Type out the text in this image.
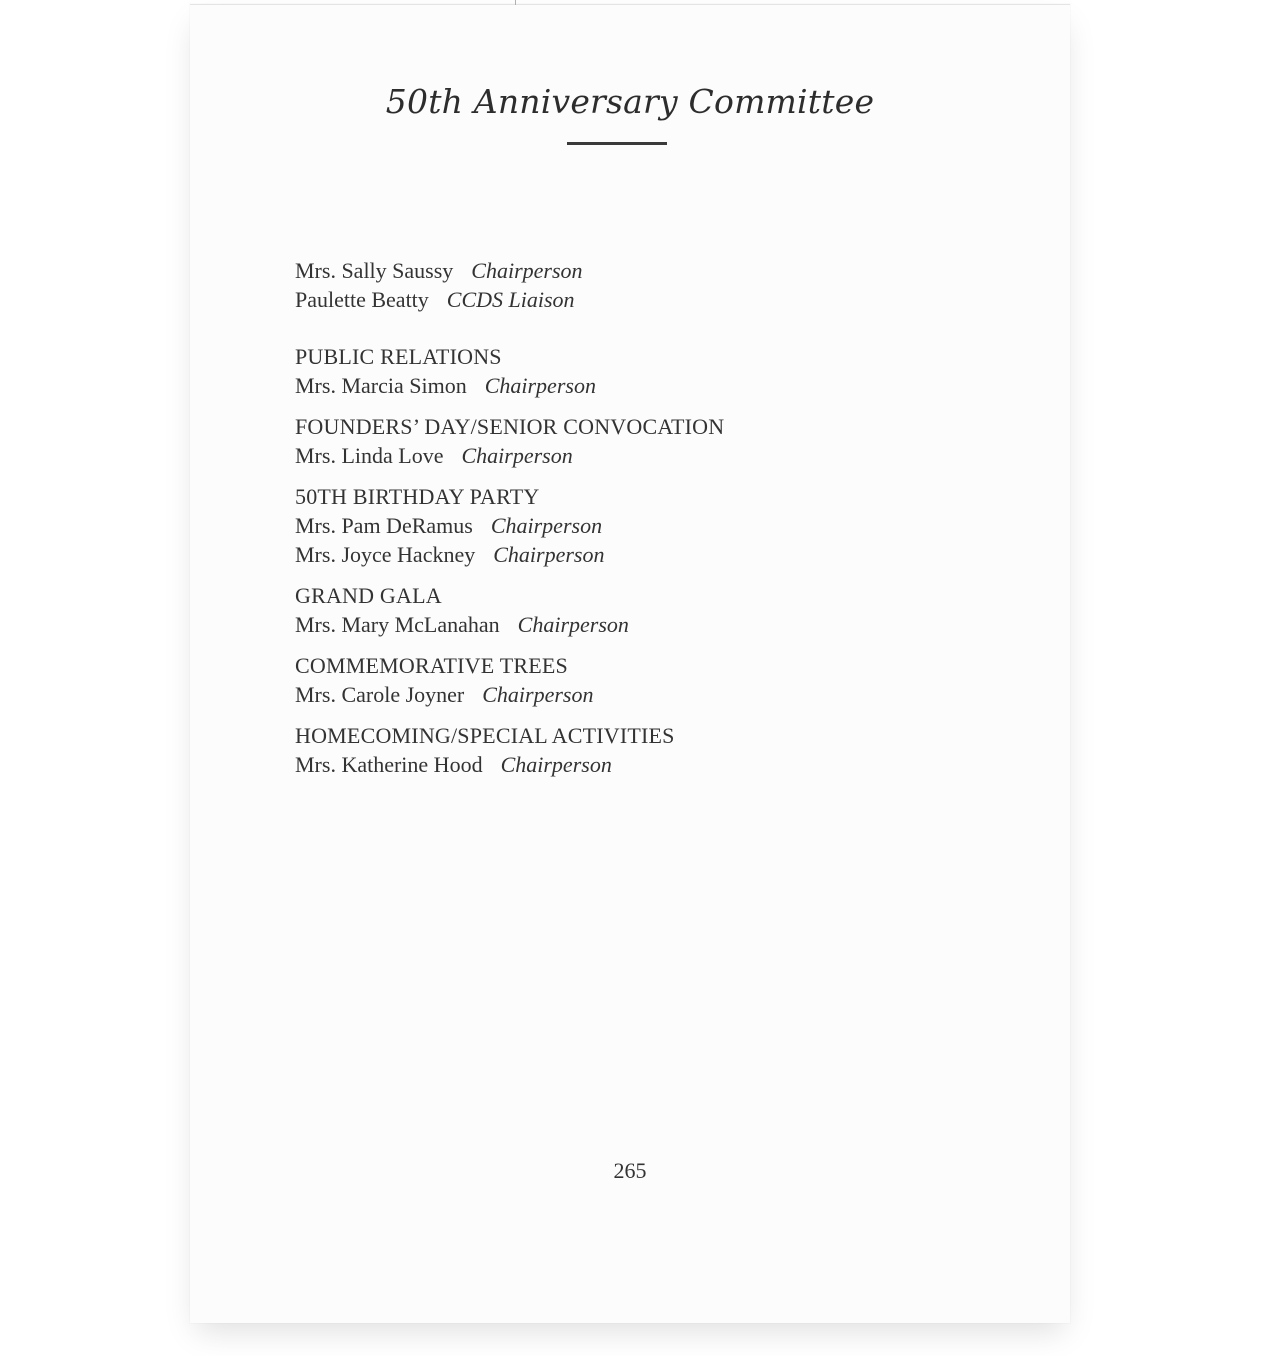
50th Anniversary Committee
Mrs. Sally Saussy Chairperson
Paulette Beatty CCDS Liaison
PUBLIC RELATIONS
Mrs. Marcia Simon Chairperson
FOUNDERS’ DAY/SENIOR CONVOCATION
Mrs. Linda Love Chairperson
50TH BIRTHDAY PARTY
Mrs. Pam DeRamus Chairperson
Mrs. Joyce Hackney Chairperson
GRAND GALA
Mrs. Mary McLanahan Chairperson
COMMEMORATIVE TREES
Mrs. Carole Joyner Chairperson
HOMECOMING/SPECIAL ACTIVITIES
Mrs. Katherine Hood Chairperson
265
